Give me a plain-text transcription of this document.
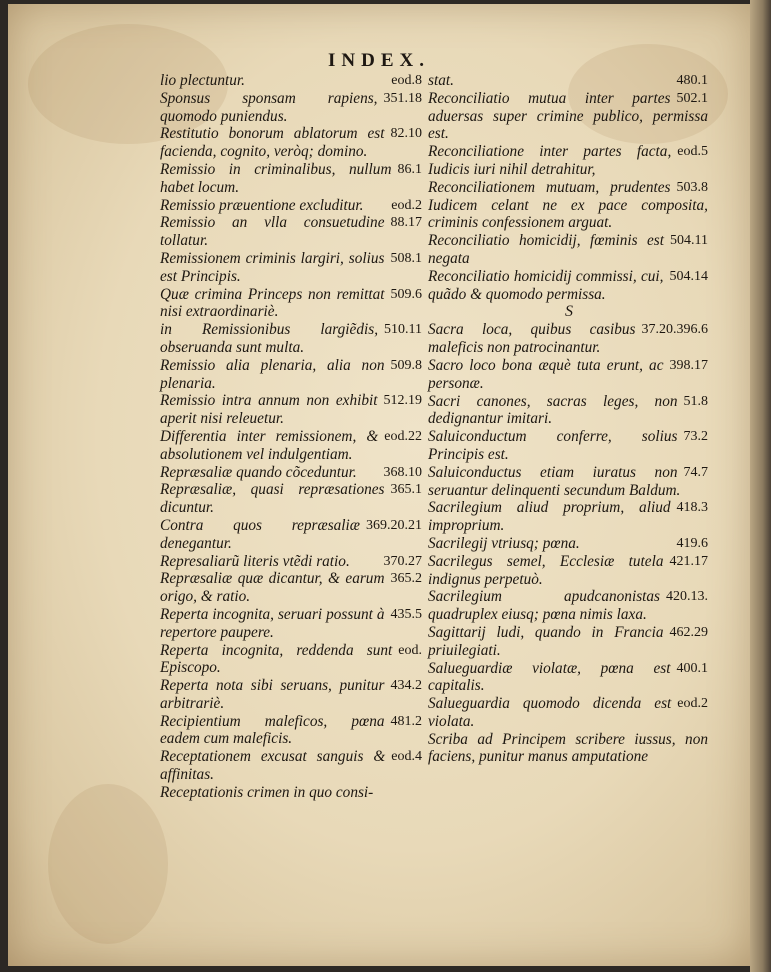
INDEX.
eod.8
lio plectuntur.
351.18
Sponsus sponsam rapiens, quomodo puniendus.
82.10
Restitutio bonorum ablatorum est facienda, cognito, veròq; domino.
86.1
Remissio in criminalibus, nullum habet locum.
eod.2
Remissio præuentione excluditur.
88.17
Remissio an vlla consuetudine tollatur.
508.1
Remissionem criminis largiri, solius est Principis.
509.6
Quæ crimina Princeps non remittat nisi extraordinariè.
510.11
in Remissionibus largiẽdis, obseruanda sunt multa.
509.8
Remissio alia plenaria, alia non plenaria.
512.19
Remissio intra annum non exhibit aperit nisi releuetur.
eod.22
Differentia inter remissionem, & absolutionem vel indulgentiam.
368.10
Repræsaliæ quando cõceduntur.
365.1
Repræsaliæ, quasi repræsationes dicuntur.
369.20.21
Contra quos repræsaliæ denegantur.
370.27
Represaliarũ literis vtẽdi ratio.
365.2
Repræsaliæ quæ dicantur, & earum origo, & ratio.
435.5
Reperta incognita, seruari possunt à repertore paupere.
eod.
Reperta incognita, reddenda sunt Episcopo.
434.2
Reperta nota sibi seruans, punitur arbitrariè.
481.2
Recipientium maleficos, pœna eadem cum maleficis.
eod.4
Receptationem excusat sanguis & affinitas.
Receptationis crimen in quo consi-
480.1
stat.
502.1
Reconciliatio mutua inter partes aduersas super crimine publico, permissa est.
eod.5
Reconciliatione inter partes facta, Iudicis iuri nihil detrahitur,
503.8
Reconciliationem mutuam, prudentes Iudicem celant ne ex pace composita, criminis confessionem arguat.
504.11
Reconciliatio homicidij, fœminis est negata
504.14
Reconciliatio homicidij commissi, cui, quãdo & quomodo permissa.
S
37.20.396.6
Sacra loca, quibus casibus maleficis non patrocinantur.
398.17
Sacro loco bona æquè tuta erunt, ac personæ.
51.8
Sacri canones, sacras leges, non dedignantur imitari.
73.2
Saluiconductum conferre, solius Principis est.
74.7
Saluiconductus etiam iuratus non seruantur delinquenti secundum Baldum.
418.3
Sacrilegium aliud proprium, aliud improprium.
419.6
Sacrilegij vtriusq; pœna.
421.17
Sacrilegus semel, Ecclesiæ tutela indignus perpetuò.
420.13.
Sacrilegium apudcanonistas quadruplex eiusq; pœna nimis laxa.
462.29
Sagittarij ludi, quando in Francia priuilegiati.
400.1
Salueguardiæ violatæ, pœna est capitalis.
eod.2
Salueguardia quomodo dicenda est violata.
Scriba ad Principem scribere iussus, non faciens, punitur manus amputatione
